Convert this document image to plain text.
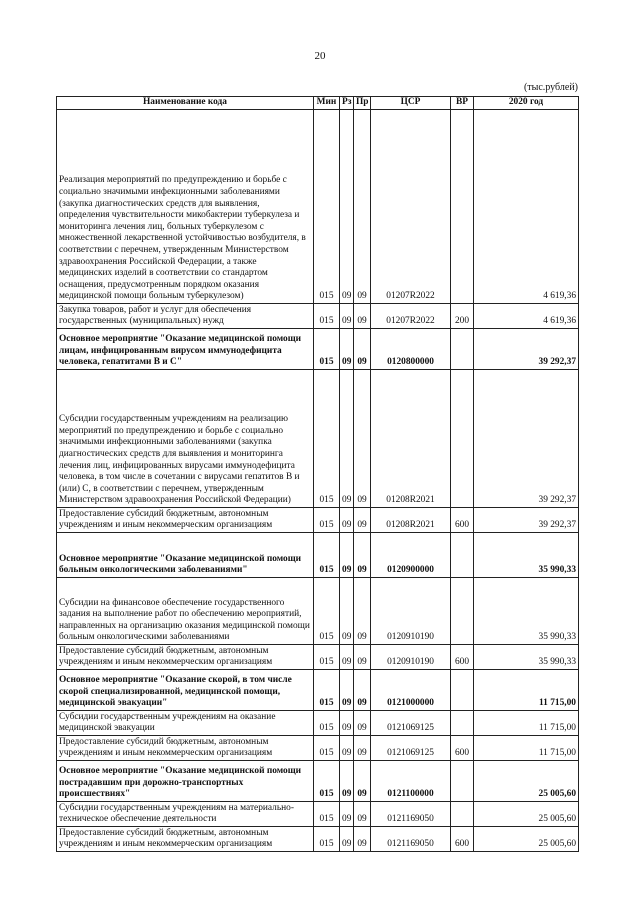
20
(тыс.рублей)
Наименование кода	Мин	Рз	Пр	ЦСР	ВР	2020 год
Реализация мероприятий по предупреждению и борьбе с социально значимыми инфекционными заболеваниями (закупка диагностических средств для выявления, определения чувствительности микобактерии туберкулеза и мониторинга лечения лиц, больных туберкулезом с множественной лекарственной устойчивостью возбудителя, в соответствии с перечнем, утвержденным Министерством здравоохранения Российской Федерации, а также медицинских изделий в соответствии со стандартом оснащения, предусмотренным порядком оказания медицинской помощи больным туберкулезом)	015	09	09	01207R2022		4 619,36
Закупка товаров, работ и услуг для обеспечения государственных (муниципальных) нужд	015	09	09	01207R2022	200	4 619,36
Основное мероприятие "Оказание медицинской помощи лицам, инфицированным вирусом иммунодефицита человека, гепатитами В и С"	015	09	09	0120800000		39 292,37
Субсидии государственным учреждениям на реализацию мероприятий по предупреждению и борьбе с социально значимыми инфекционными заболеваниями (закупка диагностических средств для выявления и мониторинга лечения лиц, инфицированных вирусами иммунодефицита человека, в том числе в сочетании с вирусами гепатитов В и (или) С, в соответствии с перечнем, утвержденным Министерством здравоохранения Российской Федерации)	015	09	09	01208R2021		39 292,37
Предоставление субсидий бюджетным, автономным учреждениям и иным некоммерческим организациям	015	09	09	01208R2021	600	39 292,37
Основное мероприятие "Оказание медицинской помощи больным онкологическими заболеваниями"	015	09	09	0120900000		35 990,33
Субсидии на финансовое обеспечение государственного задания на выполнение работ по обеспечению мероприятий, направленных на организацию оказания медицинской помощи больным онкологическими заболеваниями	015	09	09	0120910190		35 990,33
Предоставление субсидий бюджетным, автономным учреждениям и иным некоммерческим организациям	015	09	09	0120910190	600	35 990,33
Основное мероприятие "Оказание скорой, в том числе скорой специализированной, медицинской помощи, медицинской эвакуации"	015	09	09	0121000000		11 715,00
Субсидии государственным учреждениям на оказание медицинской эвакуации	015	09	09	0121069125		11 715,00
Предоставление субсидий бюджетным, автономным учреждениям и иным некоммерческим организациям	015	09	09	0121069125	600	11 715,00
Основное мероприятие "Оказание медицинской помощи пострадавшим при дорожно-транспортных происшествиях"	015	09	09	0121100000		25 005,60
Субсидии государственным учреждениям на материально-техническое обеспечение деятельности	015	09	09	0121169050		25 005,60
Предоставление субсидий бюджетным, автономным учреждениям и иным некоммерческим организациям	015	09	09	0121169050	600	25 005,60
